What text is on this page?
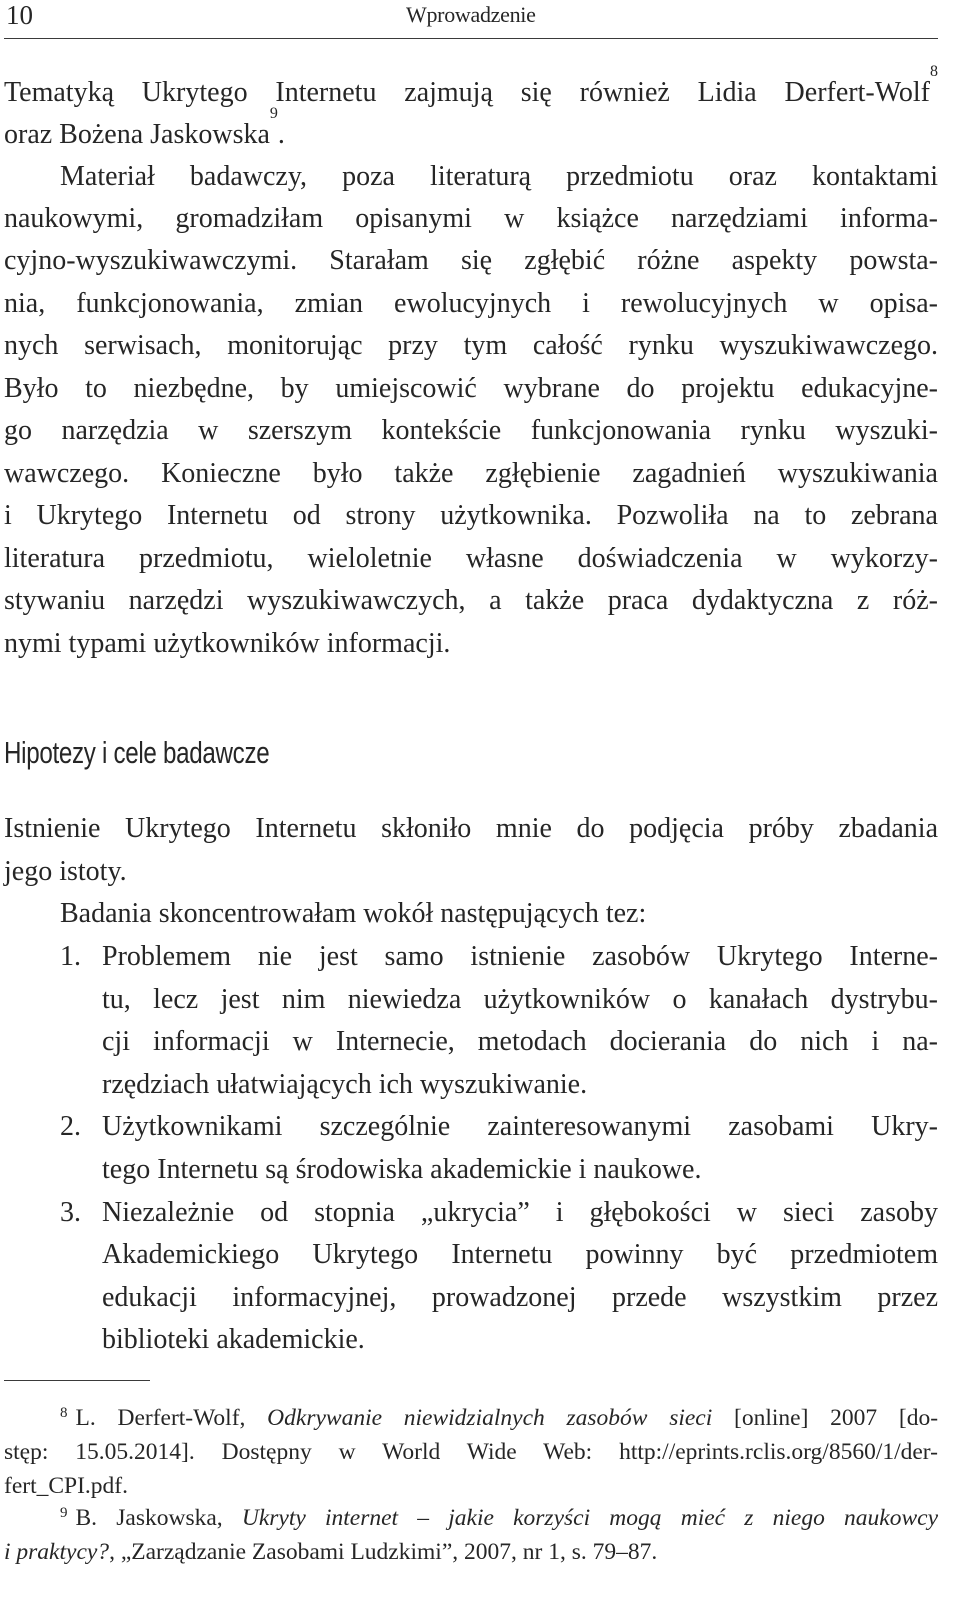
10	Wprowadzenie
Tematyką Ukrytego Internetu zajmują się również Lidia Derfert-Wolf$^8$
oraz Bożena Jaskowska$^9$.
Materiał badawczy, poza literaturą przedmiotu oraz kontaktami
naukowymi, gromadziłam opisanymi w książce narzędziami informa-
cyjno-wyszukiwawczymi. Starałam się zgłębić różne aspekty powsta-
nia, funkcjonowania, zmian ewolucyjnych i rewolucyjnych w opisa-
nych serwisach, monitorując przy tym całość rynku wyszukiwawczego.
Było to niezbędne, by umiejscowić wybrane do projektu edukacyjne-
go narzędzia w szerszym kontekście funkcjonowania rynku wyszuki-
wawczego. Konieczne było także zgłębienie zagadnień wyszukiwania
i Ukrytego Internetu od strony użytkownika. Pozwoliła na to zebrana
literatura przedmiotu, wieloletnie własne doświadczenia w wykorzy-
stywaniu narzędzi wyszukiwawczych, a także praca dydaktyczna z róż-
nymi typami użytkowników informacji.
Hipotezy i cele badawcze
Istnienie Ukrytego Internetu skłoniło mnie do podjęcia próby zbadania
jego istoty.
Badania skoncentrowałam wokół następujących tez:
1. Problemem nie jest samo istnienie zasobów Ukrytego Interne-
tu, lecz jest nim niewiedza użytkowników o kanałach dystrybu-
cji informacji w Internecie, metodach docierania do nich i na-
rzędziach ułatwiających ich wyszukiwanie.
2. Użytkownikami szczególnie zainteresowanymi zasobami Ukry-
tego Internetu są środowiska akademickie i naukowe.
3. Niezależnie od stopnia „ukrycia” i głębokości w sieci zasoby
Akademickiego Ukrytego Internetu powinny być przedmiotem
edukacji informacyjnej, prowadzonej przede wszystkim przez
biblioteki akademickie.
$^8$ L. Derfert-Wolf, Odkrywanie niewidzialnych zasobów sieci [online] 2007 [do-
stęp: 15.05.2014]. Dostępny w World Wide Web: http://eprints.rclis.org/8560/1/der-
fert_CPI.pdf.
$^9$ B. Jaskowska, Ukryty internet – jakie korzyści mogą mieć z niego naukowcy
i praktycy?, „Zarządzanie Zasobami Ludzkimi”, 2007, nr 1, s. 79–87.
